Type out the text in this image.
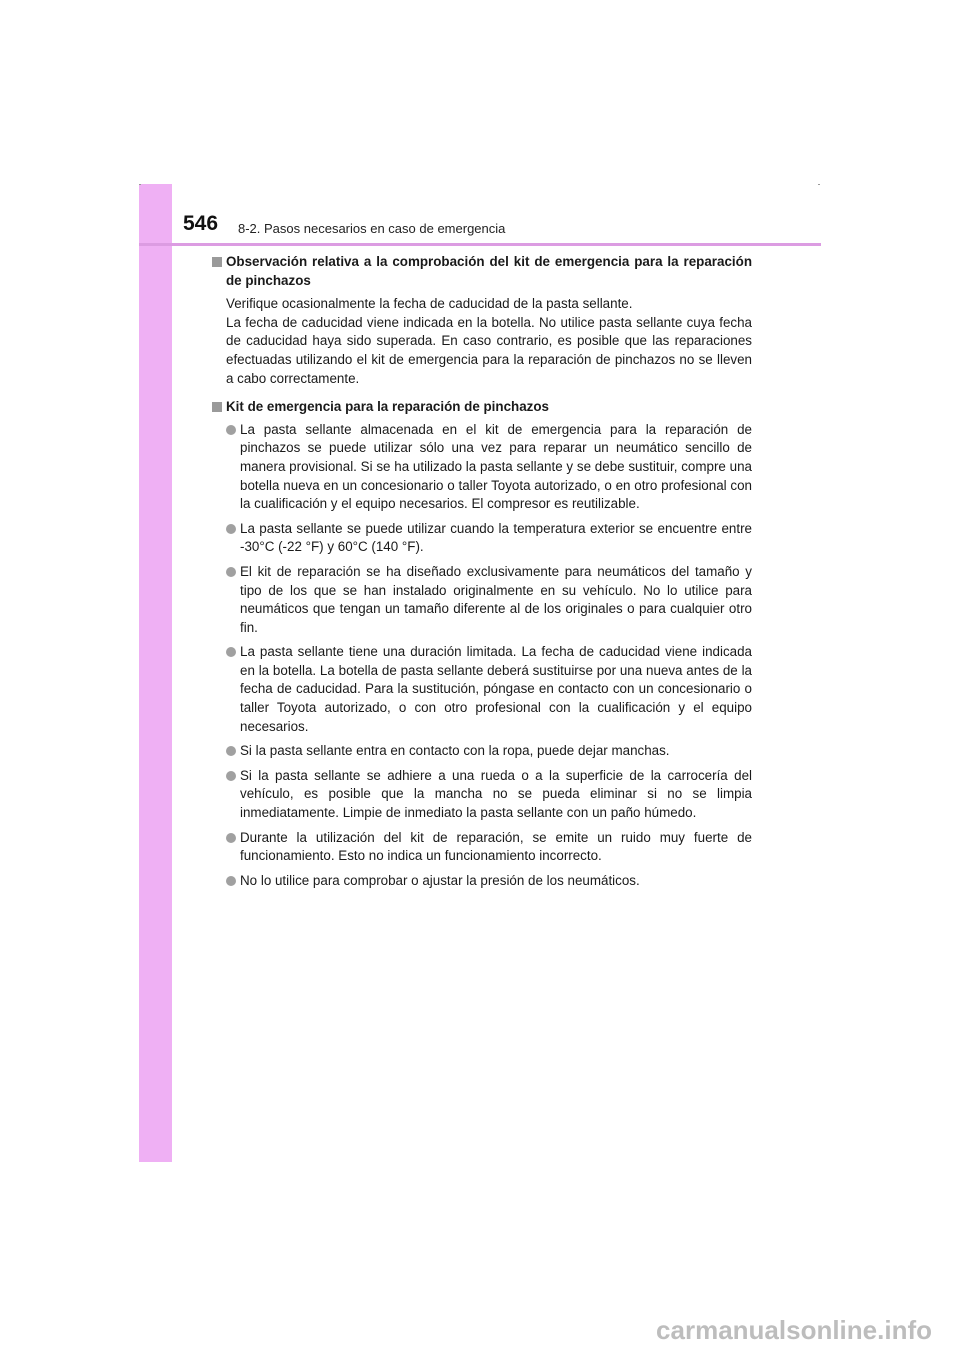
546 8-2. Pasos necesarios en caso de emergencia
Observación relativa a la comprobación del kit de emergencia para la reparación de pinchazos
Verifique ocasionalmente la fecha de caducidad de la pasta sellante.
La fecha de caducidad viene indicada en la botella. No utilice pasta sellante cuya fecha de caducidad haya sido superada. En caso contrario, es posible que las reparaciones efectuadas utilizando el kit de emergencia para la reparación de pinchazos no se lleven a cabo correctamente.
Kit de emergencia para la reparación de pinchazos
La pasta sellante almacenada en el kit de emergencia para la reparación de pinchazos se puede utilizar sólo una vez para reparar un neumático sencillo de manera provisional. Si se ha utilizado la pasta sellante y se debe sustituir, compre una botella nueva en un concesionario o taller Toyota autorizado, o en otro profesional con la cualificación y el equipo necesarios. El compresor es reutilizable.
La pasta sellante se puede utilizar cuando la temperatura exterior se encuentre entre -30°C (-22 °F) y 60°C (140 °F).
El kit de reparación se ha diseñado exclusivamente para neumáticos del tamaño y tipo de los que se han instalado originalmente en su vehículo. No lo utilice para neumáticos que tengan un tamaño diferente al de los originales o para cualquier otro fin.
La pasta sellante tiene una duración limitada. La fecha de caducidad viene indicada en la botella. La botella de pasta sellante deberá sustituirse por una nueva antes de la fecha de caducidad. Para la sustitución, póngase en contacto con un concesionario o taller Toyota autorizado, o con otro profesional con la cualificación y el equipo necesarios.
Si la pasta sellante entra en contacto con la ropa, puede dejar manchas.
Si la pasta sellante se adhiere a una rueda o a la superficie de la carrocería del vehículo, es posible que la mancha no se pueda eliminar si no se limpia inmediatamente. Limpie de inmediato la pasta sellante con un paño húmedo.
Durante la utilización del kit de reparación, se emite un ruido muy fuerte de funcionamiento. Esto no indica un funcionamiento incorrecto.
No lo utilice para comprobar o ajustar la presión de los neumáticos.
carmanualsonline.info
